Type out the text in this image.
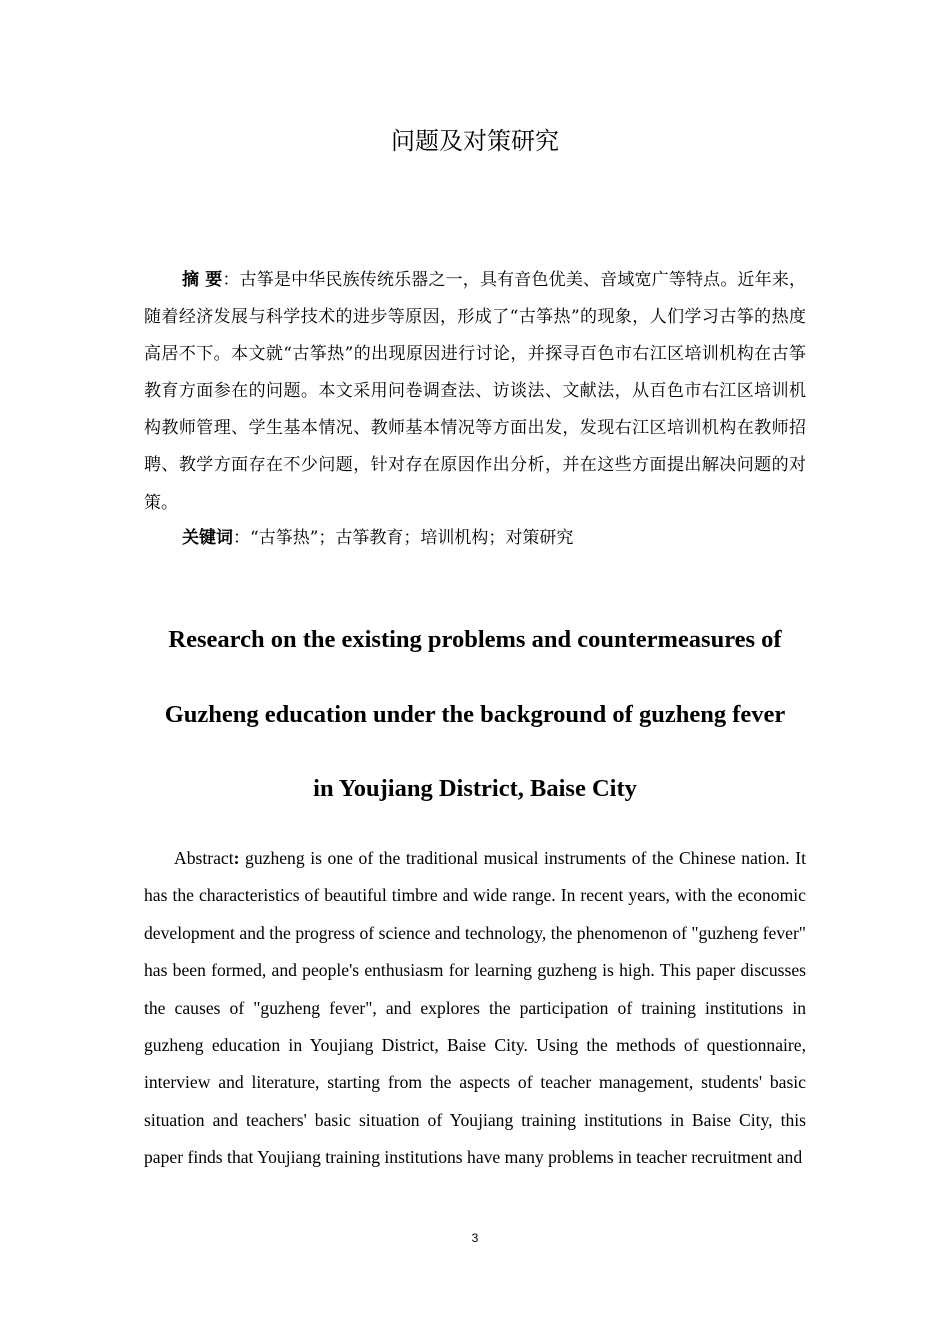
问题及对策研究
摘 要：古筝是中华民族传统乐器之一，具有音色优美、音域宽广等特点。近年来，随着经济发展与科学技术的进步等原因，形成了“古筝热”的现象，人们学习古筝的热度高居不下。本文就“古筝热”的出现原因进行讨论，并探寻百色市右江区培训机构在古筝教育方面参在的问题。本文采用问卷调查法、访谈法、文献法，从百色市右江区培训机构教师管理、学生基本情况、教师基本情况等方面出发，发现右江区培训机构在教师招聘、教学方面存在不少问题，针对存在原因作出分析，并在这些方面提出解决问题的对策。
关键词：“古筝热”；古筝教育；培训机构；对策研究
Research on the existing problems and countermeasures of
Guzheng education under the background of guzheng fever
in Youjiang District, Baise City
Abstract: guzheng is one of the traditional musical instruments of the Chinese nation. It has the characteristics of beautiful timbre and wide range. In recent years, with the economic development and the progress of science and technology, the phenomenon of "guzheng fever" has been formed, and people's enthusiasm for learning guzheng is high. This paper discusses the causes of "guzheng fever", and explores the participation of training institutions in guzheng education in Youjiang District, Baise City. Using the methods of questionnaire, interview and literature, starting from the aspects of teacher management, students' basic situation and teachers' basic situation of Youjiang training institutions in Baise City, this paper finds that Youjiang training institutions have many problems in teacher recruitment and
3
